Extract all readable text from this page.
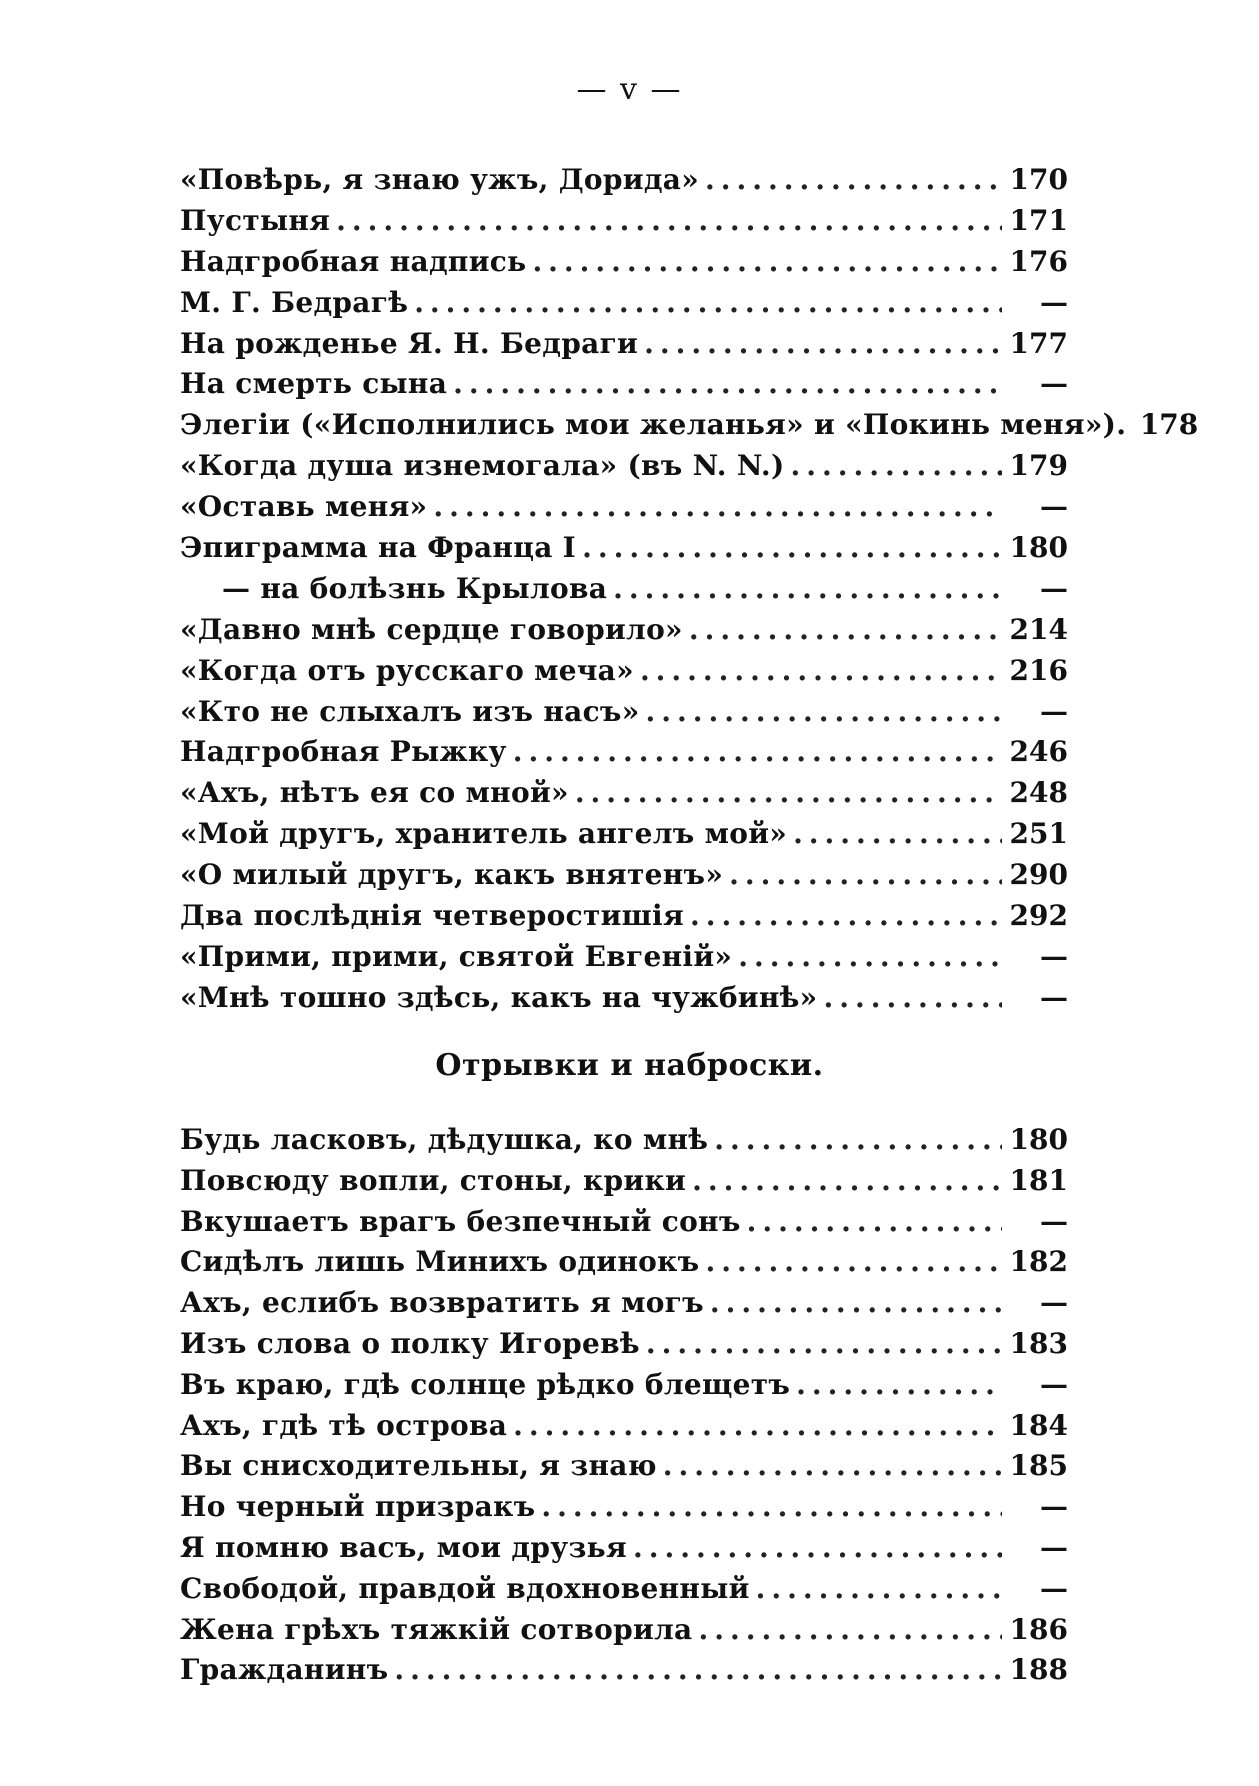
— v —
«Повѣрь, я знаю ужъ, Дорида» .....	170
Пустыня .....	171
Надгробная надпись .....	176
М. Г. Бедрагѣ .....	—
На рожденье Я. Н. Бедраги .....	177
На смерть сына .....	—
Элегіи («Исполнились мои желанья» и «Покинь меня»). 178
«Когда душа изнемогала» (въ N. N.) .....	179
«Оставь меня» .....	—
Эпиграмма на Франца I .....	180
— на болѣзнь Крылова .....	—
«Давно мнѣ сердце говорило» .....	214
«Когда отъ русскаго меча» .....	216
«Кто не слыхалъ изъ насъ» .....	—
Надгробная Рыжку .....	246
«Ахъ, нѣтъ ея со мной» .....	248
«Мой другъ, хранитель ангелъ мой» .....	251
«О милый другъ, какъ внятенъ» .....	290
Два послѣднія четверостишія .....	292
«Прими, прими, святой Евгеній» .....	—
«Мнѣ тошно здѣсь, какъ на чужбинѣ» .....	—
Отрывки и наброски.
Будь ласковъ, дѣдушка, ко мнѣ .....	180
Повсюду вопли, стоны, крики .....	181
Вкушаетъ врагъ безпечный сонъ .....	—
Сидѣлъ лишь Минихъ одинокъ .....	182
Ахъ, еслибъ возвратить я могъ .....	—
Изъ слова о полку Игоревѣ .....	183
Въ краю, гдѣ солнце рѣдко блещетъ .....	—
Ахъ, гдѣ тѣ острова .....	184
Вы снисходительны, я знаю .....	185
Но черный призракъ .....	—
Я помню васъ, мои друзья .....	—
Свободой, правдой вдохновенный .....	—
Жена грѣхъ тяжкій сотворила .....	186
Гражданинъ .....	188
